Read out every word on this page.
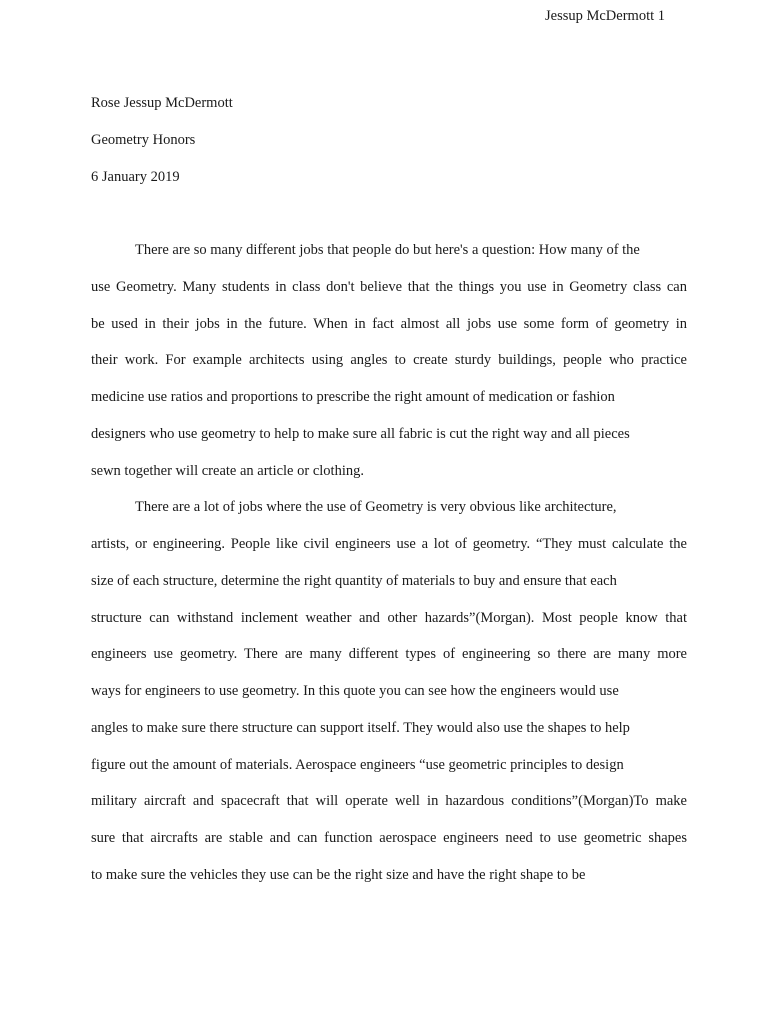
Jessup McDermott 1
Rose Jessup McDermott
Geometry Honors
6 January 2019
There are so many different jobs that people do but here's a question: How many of the
use Geometry. Many students in class don't believe that the things you use in Geometry class can
be used in their jobs in the future. When in fact almost all jobs use some form of geometry in
their work. For example architects using angles to create sturdy buildings, people who practice
medicine use ratios and proportions to prescribe the right amount of medication or fashion
designers who use geometry to help to make sure all fabric is cut the right way and all pieces
sewn together will create an article or clothing.
There are a lot of jobs where the use of Geometry is very obvious like architecture,
artists, or engineering. People like civil engineers use a lot of geometry. “They must calculate the
size of each structure, determine the right quantity of materials to buy and ensure that each
structure can withstand inclement weather and other hazards”(Morgan). Most people know that
engineers use geometry. There are many different types of engineering so there are many more
ways for engineers to use geometry. In this quote you can see how the engineers would use
angles to make sure there structure can support itself. They would also use the shapes to help
figure out the amount of materials. Aerospace engineers “use geometric principles to design
military aircraft and spacecraft that will operate well in hazardous conditions”(Morgan)To make
sure that aircrafts are stable and can function aerospace engineers need to use geometric shapes
to make sure the vehicles they use can be the right size and have the right shape to be
